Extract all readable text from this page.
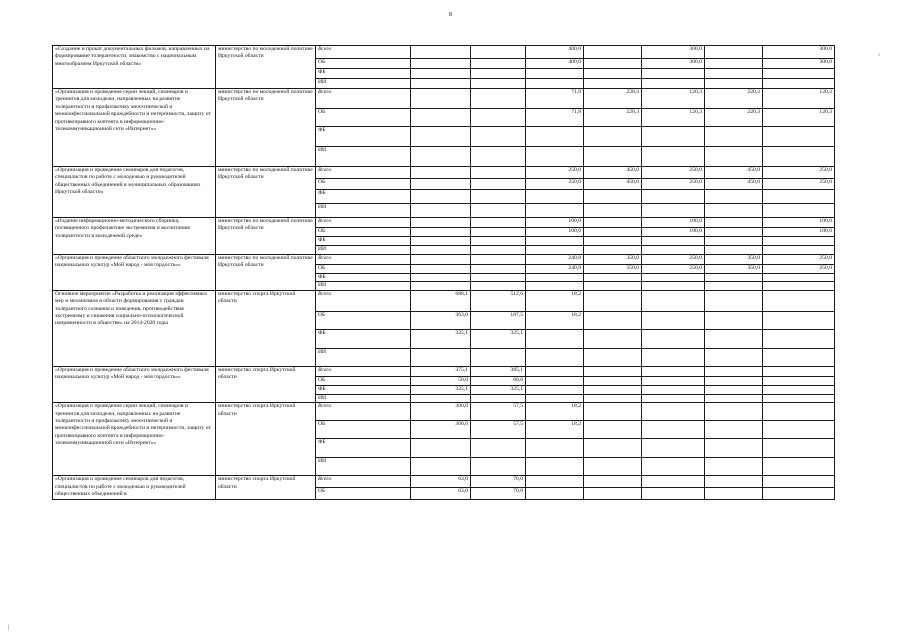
8
›
|
«Создание и прокат документальных фильмов, направленных на формирование толерантности, знакомство с национальным многообразием Иркутской области»	министерство по молодежной политике Иркутской области	Всего			400,0		300,0		300,0
		ОБ			400,0		300,0		300,0
		ФБ							
		ИИ							
«Организация и проведение серии лекций, семинаров и тренингов для молодежи, направленных на развитие толерантности и профилактику межэтнической и межконфессиональной враждебности и нетерпимости, защиту от противоправного контента в информационно-телекоммуникационной сети «Интернет»»	министерство по молодежной политике Иркутской области	Всего			71,8	220,3	120,3	220,3	120,3
		ОБ			71,8	220,3	120,3	220,3	120,3
		ФБ							
		ИИ							
«Организация и проведение семинаров для педагогов, специалистов по работе с молодежью и руководителей общественных объединений в муниципальных образованиях Иркутской области»	министерство по молодежной политике Иркутской области	Всего			250,0	450,0	250,0	450,0	250,0
		ОБ			250,0	450,0	250,0	450,0	250,0
		ФБ							
		ИИ							
«Издание информационно-методического сборника, посвященного профилактике экстремизма и воспитанию толерантности в молодежной среде»	министерство по молодежной политике Иркутской области	Всего			100,0		100,0		100,0
		ОБ			100,0		100,0		100,0
		ФБ							
		ИИ							
«Организация и проведение областного молодежного фестиваля национальных культур «Мой народ - моя гордость»»	министерство по молодежной политике Иркутской области	Всего			240,8	350,0	250,0	350,0	250,0
		ОБ			240,8	350,0	250,0	350,0	250,0
		ФБ							
		ИИ							
Основное мероприятие «Разработка и реализация эффективных мер и механизмов в области формирования у граждан толерантного сознания и поведения, противодействия экстремизму и снижения социально-психологической напряженности в обществе» на 2014-2020 годы	министерство спорта Иркутской области	Всего	688,1	512,6	18,2				
		ОБ	363,0	187,5	18,2				
		ФБ	325,1	325,1					
		ИИ							
«Организация и проведение областного молодежного фестиваля национальных культур «Мой народ - моя гордость»»	министерство спорта Иркутской области	Всего	375,1	385,1					
		ОБ	50,0	60,0					
		ФБ	325,1	325,1					
		ИИ							
«Организация и проведение серии лекций, семинаров и тренингов для молодежи, направленных на развитие толерантности и профилактику межэтнической и межконфессиональной враждебности и нетерпимости, защиту от противоправного контента в информационно-телекоммуникационной сети «Интернет»»	министерство спорта Иркутской области	Всего	300,0	57,5	18,2				
		ОБ	300,0	57,5	18,2				
		ФБ							
		ИИ							
«Организация и проведение семинаров для педагогов, специалистов по работе с молодежью и руководителей общественных объединений в	министерство спорта Иркутской области	Всего	63,0	70,0					
		ОБ	63,0	70,0					
